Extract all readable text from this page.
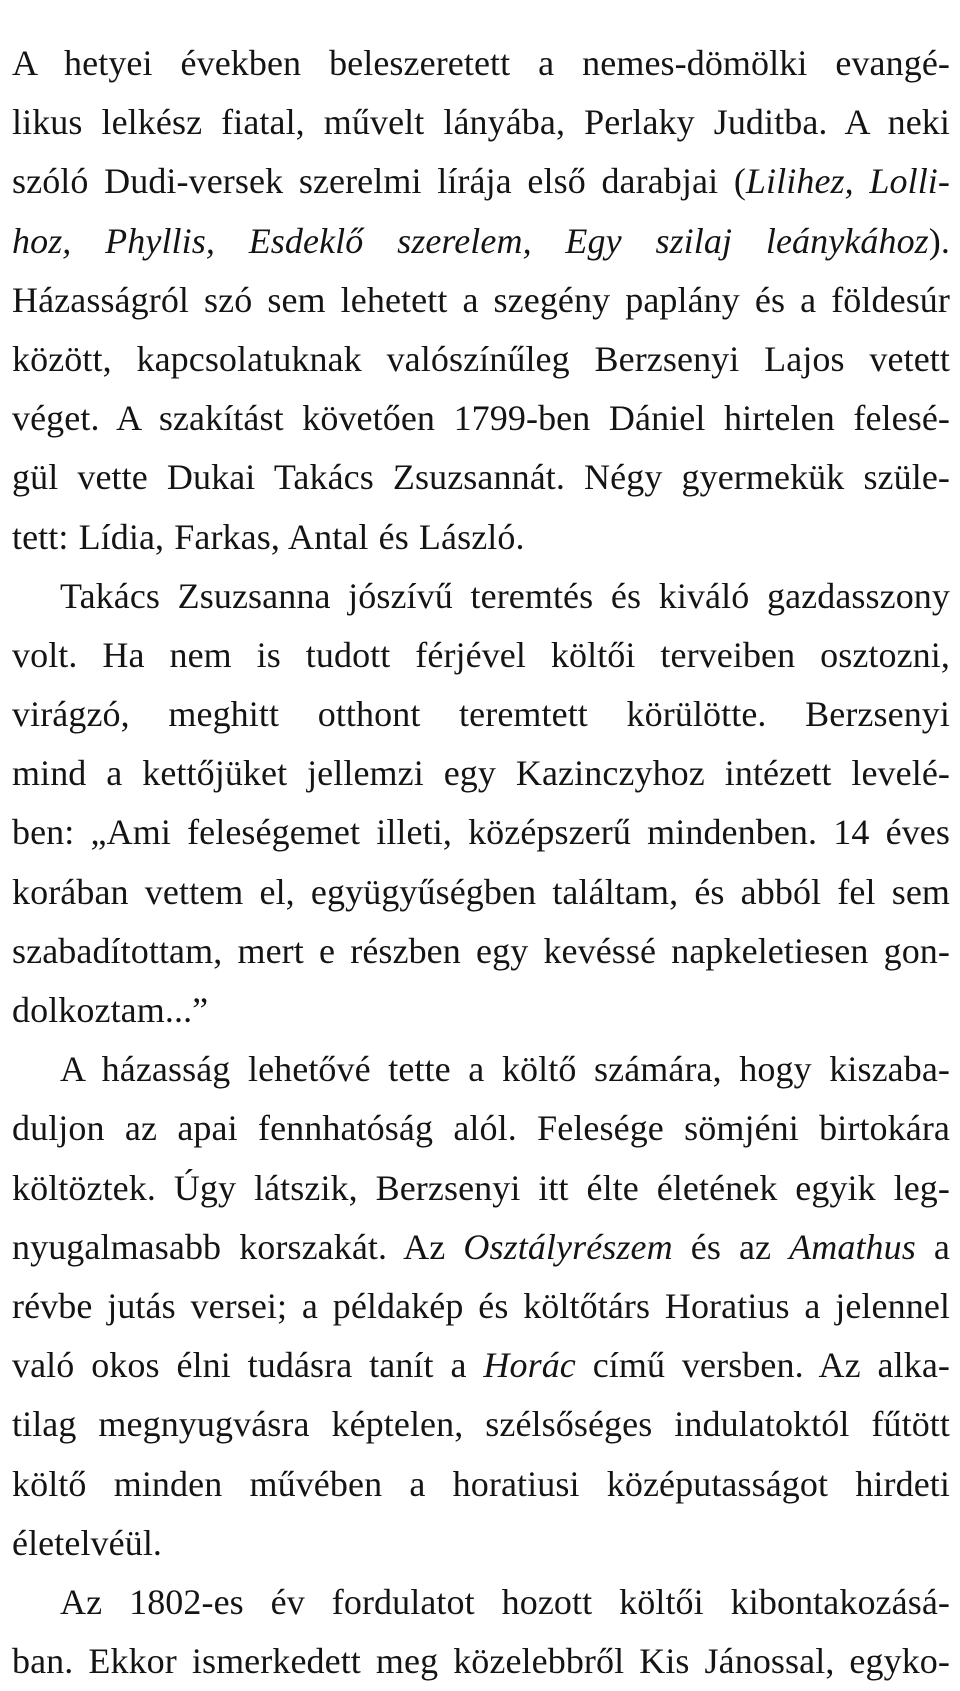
A hetyei években beleszeretett a nemes-dömölki evangé-
likus lelkész fiatal, művelt lányába, Perlaky Juditba. A neki
szóló Dudi-versek szerelmi lírája első darabjai (Lilihez, Lolli-
hoz, Phyllis, Esdeklő szerelem, Egy szilaj leánykához).
Házasságról szó sem lehetett a szegény paplány és a földesúr
között, kapcsolatuknak valószínűleg Berzsenyi Lajos vetett
véget. A szakítást követően 1799-ben Dániel hirtelen felesé-
gül vette Dukai Takács Zsuzsannát. Négy gyermekük szüle-
tett: Lídia, Farkas, Antal és László.
Takács Zsuzsanna jószívű teremtés és kiváló gazdasszony
volt. Ha nem is tudott férjével költői terveiben osztozni,
virágzó, meghitt otthont teremtett körülötte. Berzsenyi
mind a kettőjüket jellemzi egy Kazinczyhoz intézett levelé-
ben: „Ami feleségemet illeti, középszerű mindenben. 14 éves
korában vettem el, együgyűségben találtam, és abból fel sem
szabadítottam, mert e részben egy kevéssé napkeletiesen gon-
dolkoztam...”
A házasság lehetővé tette a költő számára, hogy kiszaba-
duljon az apai fennhatóság alól. Felesége sömjéni birtokára
költöztek. Úgy látszik, Berzsenyi itt élte életének egyik leg-
nyugalmasabb korszakát. Az Osztályrészem és az Amathus a
révbe jutás versei; a példakép és költőtárs Horatius a jelennel
való okos élni tudásra tanít a Horác című versben. Az alka-
tilag megnyugvásra képtelen, szélsőséges indulatoktól fűtött
költő minden művében a horatiusi középutasságot hirdeti
életelvéül.
Az 1802-es év fordulatot hozott költői kibontakozásá-
ban. Ekkor ismerkedett meg közelebbről Kis Jánossal, egyko-
